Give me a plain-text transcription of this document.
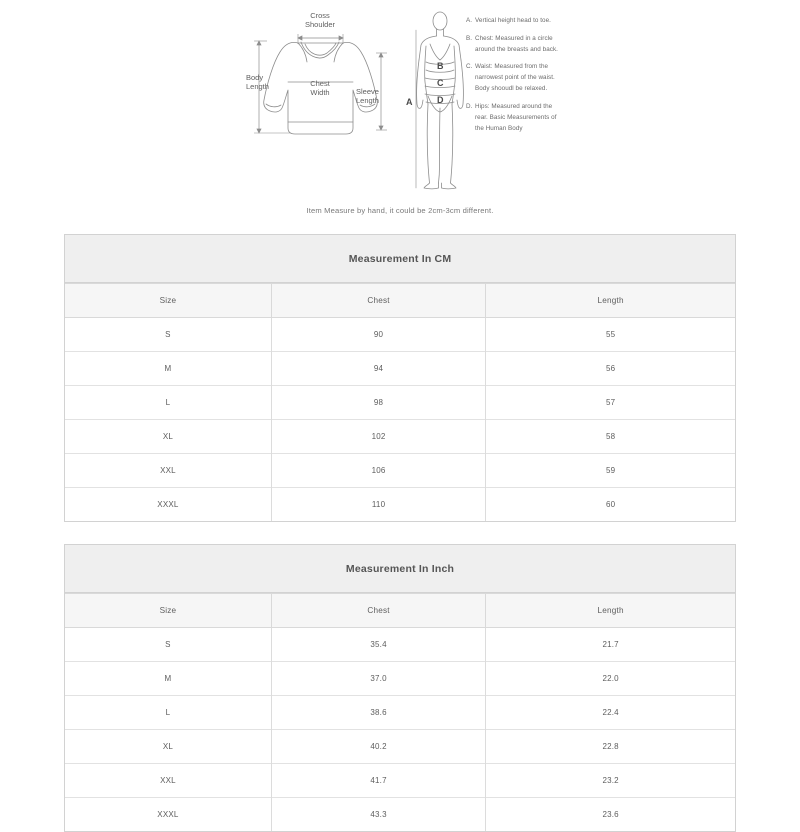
Cross
Shoulder
Body
Length	Chest
Width	Sleeve
Length
B
C
D
A
A. Vertical height head to toe.
B. Chest: Measured in a circle around the breasts and back.
C. Waist: Measured from the narrowest point of the waist. Body shooudl be relaxed.
D. Hips: Measured around the rear. Basic Measurements of the Human Body
Item Measure by hand, it could be 2cm-3cm different.
Measurement In CM
Size	Chest	Length
S	90	55
M	94	56
L	98	57
XL	102	58
XXL	106	59
XXXL	110	60
Measurement In Inch
Size	Chest	Length
S	35.4	21.7
M	37.0	22.0
L	38.6	22.4
XL	40.2	22.8
XXL	41.7	23.2
XXXL	43.3	23.6
